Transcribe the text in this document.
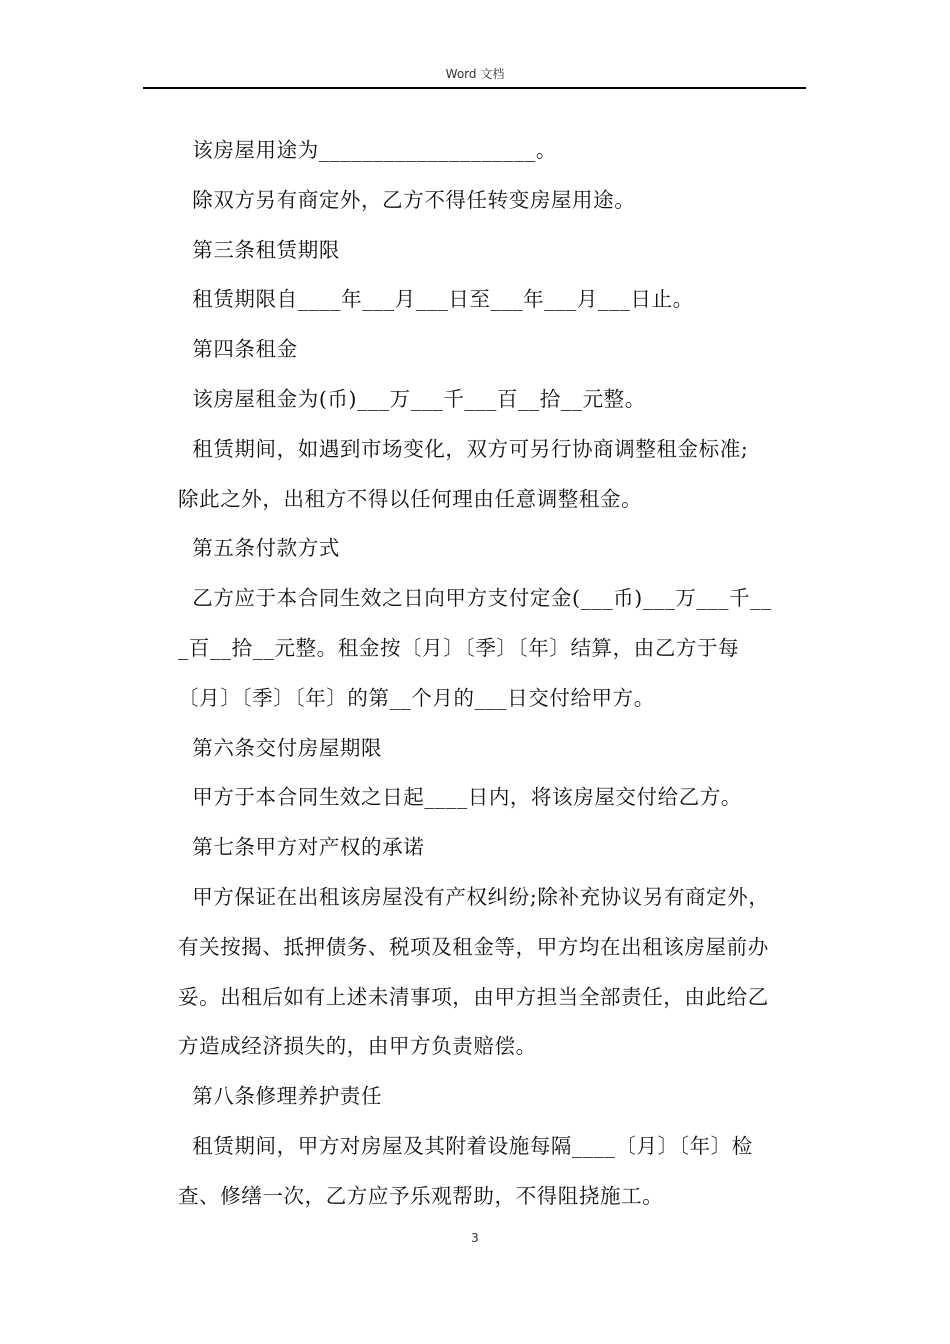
Word 文档
该房屋用途为____________________。
除双方另有商定外，乙方不得任转变房屋用途。
第三条租赁期限
租赁期限自____年___月___日至___年___月___日止。
第四条租金
该房屋租金为(币)___万___千___百__拾__元整。
租赁期间，如遇到市场变化，双方可另行协商调整租金标准;
除此之外，出租方不得以任何理由任意调整租金。
第五条付款方式
乙方应于本合同生效之日向甲方支付定金(___币)___万___千__
_百__拾__元整。租金按〔月〕〔季〕〔年〕结算，由乙方于每
〔月〕〔季〕〔年〕的第__个月的___日交付给甲方。
第六条交付房屋期限
甲方于本合同生效之日起____日内，将该房屋交付给乙方。
第七条甲方对产权的承诺
甲方保证在出租该房屋没有产权纠纷;除补充协议另有商定外，
有关按揭、抵押债务、税项及租金等，甲方均在出租该房屋前办
妥。出租后如有上述未清事项，由甲方担当全部责任，由此给乙
方造成经济损失的，由甲方负责赔偿。
第八条修理养护责任
租赁期间，甲方对房屋及其附着设施每隔____〔月〕〔年〕检
查、修缮一次，乙方应予乐观帮助，不得阻挠施工。
3
